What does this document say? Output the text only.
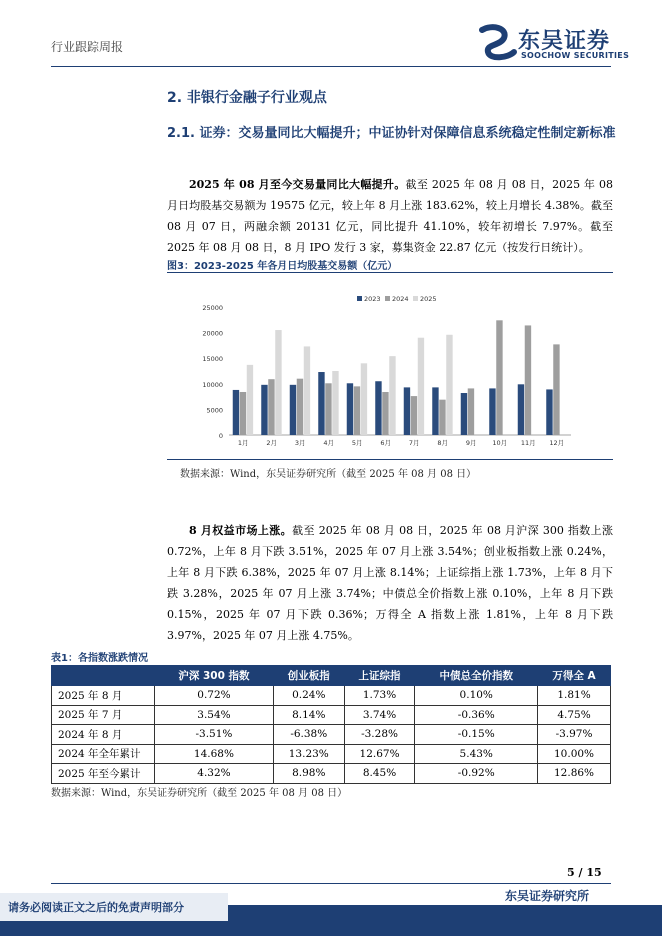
行业跟踪周报	东吴证券
SOOCHOW SECURITIES
2. 非银行金融子行业观点
2.1. 证券：交易量同比大幅提升；中证协针对保障信息系统稳定性制定新标准
  2025 年 08 月至今交易量同比大幅提升。截至 2025 年 08 月 08 日，2025 年 08 月日均股基交易额为 19575 亿元，较上年 8 月上涨 183.62%，较上月增长 4.38%。截至 08 月 07 日，两融余额 20131 亿元，同比提升 41.10%，较年初增长 7.97%。截至 2025 年 08 月 08 日，8 月 IPO 发行 3 家，募集资金 22.87 亿元（按发行日统计）。
图3：2023-2025 年各月日均股基交易额（亿元）
2023 2024 2025
0
5000
10000
15000
20000
25000
1月	2月	3月	4月	5月	6月	7月	8月	9月 10月 11月 12月
数据来源：Wind，东吴证券研究所（截至 2025 年 08 月 08 日）
  8 月权益市场上涨。截至 2025 年 08 月 08 日，2025 年 08 月沪深 300 指数上涨 0.72%，上年 8 月下跌 3.51%，2025 年 07 月上涨 3.54%；创业板指数上涨 0.24%，上年 8 月下跌 6.38%，2025 年 07 月上涨 8.14%；上证综指上涨 1.73%，上年 8 月下跌 3.28%，2025 年 07 月上涨 3.74%；中债总全价指数上涨 0.10%，上年 8 月下跌 0.15%，2025 年 07 月下跌 0.36%；万得全 A 指数上涨 1.81%，上年 8 月下跌 3.97%，2025 年 07 月上涨 4.75%。
表1：各指数涨跌情况
	沪深 300 指数	创业板指	上证综指	中债总全价指数	万得全 A
2025 年 8 月	0.72%	0.24%	1.73%	0.10%	1.81%
2025 年 7 月	3.54%	8.14%	3.74%	-0.36%	4.75%
2024 年 8 月	-3.51%	-6.38%	-3.28%	-0.15%	-3.97%
2024 年全年累计	14.68%	13.23%	12.67%	5.43%	10.00%
2025 年至今累计	4.32%	8.98%	8.45%	-0.92%	12.86%
数据来源：Wind，东吴证券研究所（截至 2025 年 08 月 08 日）
5 / 15
东吴证券研究所
请务必阅读正文之后的免责声明部分
